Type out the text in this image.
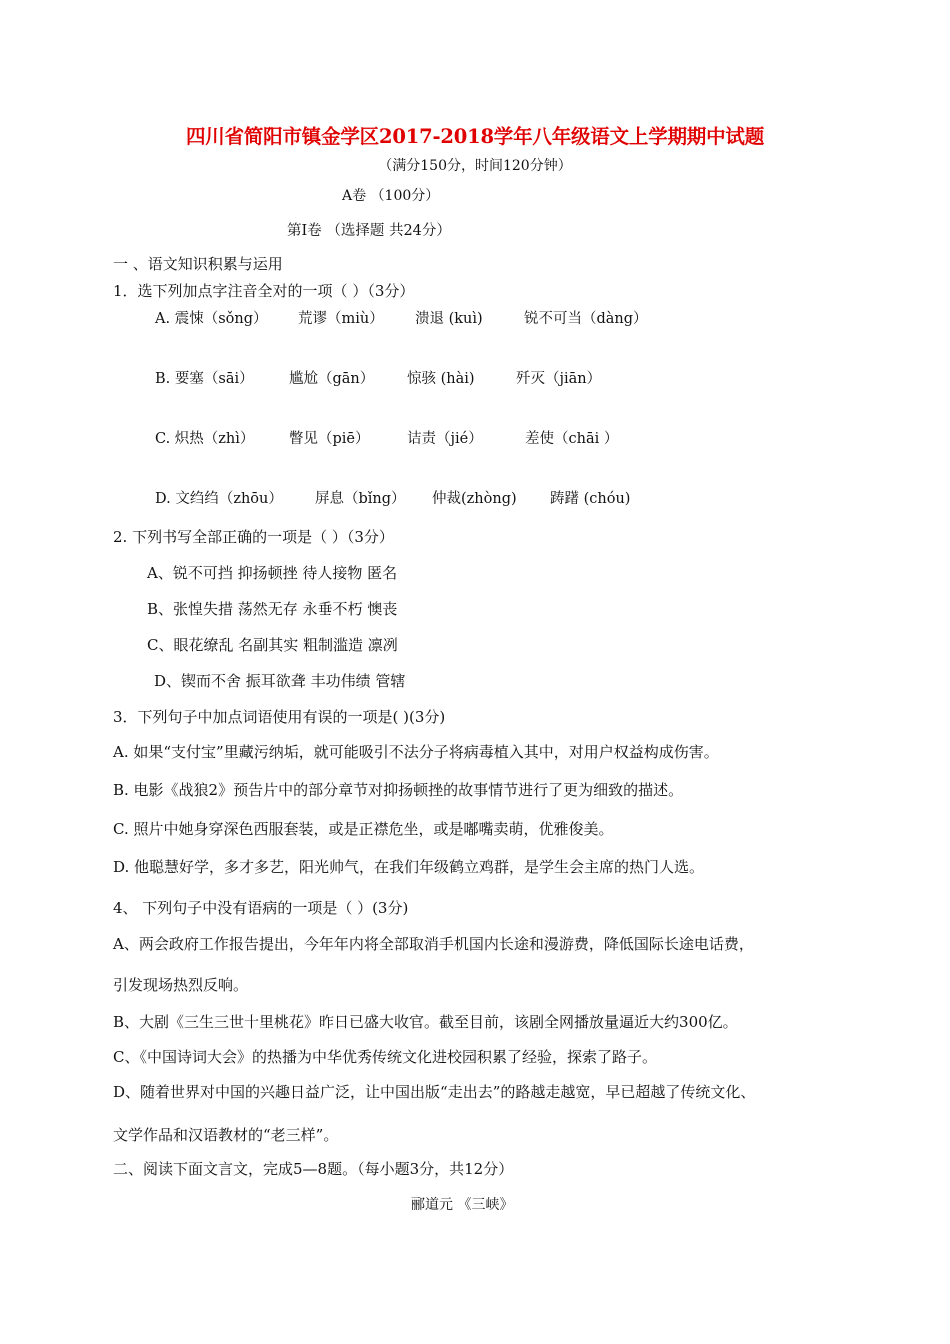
四川省简阳市镇金学区2017-2018学年八年级语文上学期期中试题
（满分150分，时间120分钟）
A卷 （100分）
第Ⅰ卷 （选择题 共24分）
一 、语文知识积累与运用
1．选下列加点字注音全对的一项（ ）（3分）
A. 震悚（sǒng） 荒谬（miù） 溃退 (kuì)	锐不可当（dàng）
B. 要塞（sāi） 尴尬（gān） 惊骇 (hài)	歼灭（jiān）
C. 炽热（zhì） 瞥见（piē）	诘责（jié）	差使（chāi ）
D. 文绉绉（zhōu） 屏息（bǐng） 仲裁(zhòng) 踌躇 (chóu)
2. 下列书写全部正确的一项是（ ）（3分）
A、锐不可挡 抑扬顿挫 待人接物 匿名
B、张惶失措 荡然无存 永垂不朽 懊丧
C、眼花缭乱 名副其实 粗制滥造 凛冽
D、锲而不舍 振耳欲聋 丰功伟绩 管辖
3．下列句子中加点词语使用有误的一项是( )(3分)
A. 如果“支付宝”里藏污纳垢，就可能吸引不法分子将病毒植入其中，对用户权益构成伤害。
B. 电影《战狼2》预告片中的部分章节对抑扬顿挫的故事情节进行了更为细致的描述。
C. 照片中她身穿深色西服套装，或是正襟危坐，或是嘟嘴卖萌，优雅俊美。
D. 他聪慧好学，多才多艺，阳光帅气，在我们年级鹤立鸡群，是学生会主席的热门人选。
4、 下列句子中没有语病的一项是（ ）(3分)
A、两会政府工作报告提出，今年年内将全部取消手机国内长途和漫游费，降低国际长途电话费，
引发现场热烈反响。
B、大剧《三生三世十里桃花》昨日已盛大收官。截至目前，该剧全网播放量逼近大约300亿。
C、《中国诗词大会》的热播为中华优秀传统文化进校园积累了经验，探索了路子。
D、随着世界对中国的兴趣日益广泛，让中国出版“走出去”的路越走越宽，早已超越了传统文化、
文学作品和汉语教材的“老三样”。
二、阅读下面文言文，完成5—8题。（每小题3分，共12分）
郦道元 《三峡》
